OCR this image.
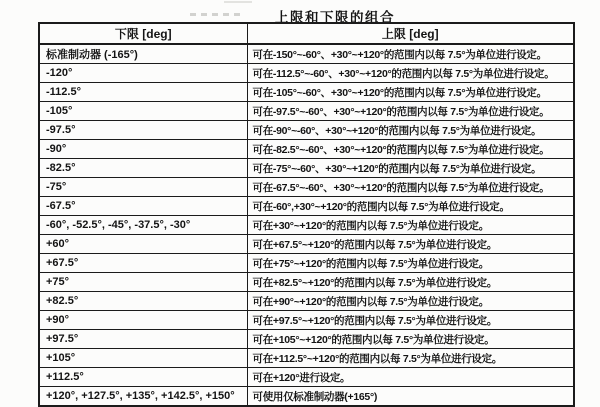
上限和下限的组合
下限 [deg]	上限 [deg]
标准制动器 (-165°)	可在-150°~-60°、+30°~+120°的范围内以每 7.5°为单位进行设定。
-120°	可在-112.5°~-60°、+30°~+120°的范围内以每 7.5°为单位进行设定。
-112.5°	可在-105°~-60°、+30°~+120°的范围内以每 7.5°为单位进行设定。
-105°	可在-97.5°~-60°、+30°~+120°的范围内以每 7.5°为单位进行设定。
-97.5°	可在-90°~-60°、+30°~+120°的范围内以每 7.5°为单位进行设定。
-90°	可在-82.5°~-60°、+30°~+120°的范围内以每 7.5°为单位进行设定。
-82.5°	可在-75°~-60°、+30°~+120°的范围内以每 7.5°为单位进行设定。
-75°	可在-67.5°~-60°、+30°~+120°的范围内以每 7.5°为单位进行设定。
-67.5°	可在-60°,+30°~+120°的范围内以每 7.5°为单位进行设定。
-60°, -52.5°, -45°, -37.5°, -30°	可在+30°~+120°的范围内以每 7.5°为单位进行设定。
+60°	可在+67.5°~+120°的范围内以每 7.5°为单位进行设定。
+67.5°	可在+75°~+120°的范围内以每 7.5°为单位进行设定。
+75°	可在+82.5°~+120°的范围内以每 7.5°为单位进行设定。
+82.5°	可在+90°~+120°的范围内以每 7.5°为单位进行设定。
+90°	可在+97.5°~+120°的范围内以每 7.5°为单位进行设定。
+97.5°	可在+105°~+120°的范围内以每 7.5°为单位进行设定。
+105°	可在+112.5°~+120°的范围内以每 7.5°为单位进行设定。
+112.5°	可在+120°进行设定。
+120°, +127.5°, +135°, +142.5°, +150°	可使用仅标准制动器(+165°)
